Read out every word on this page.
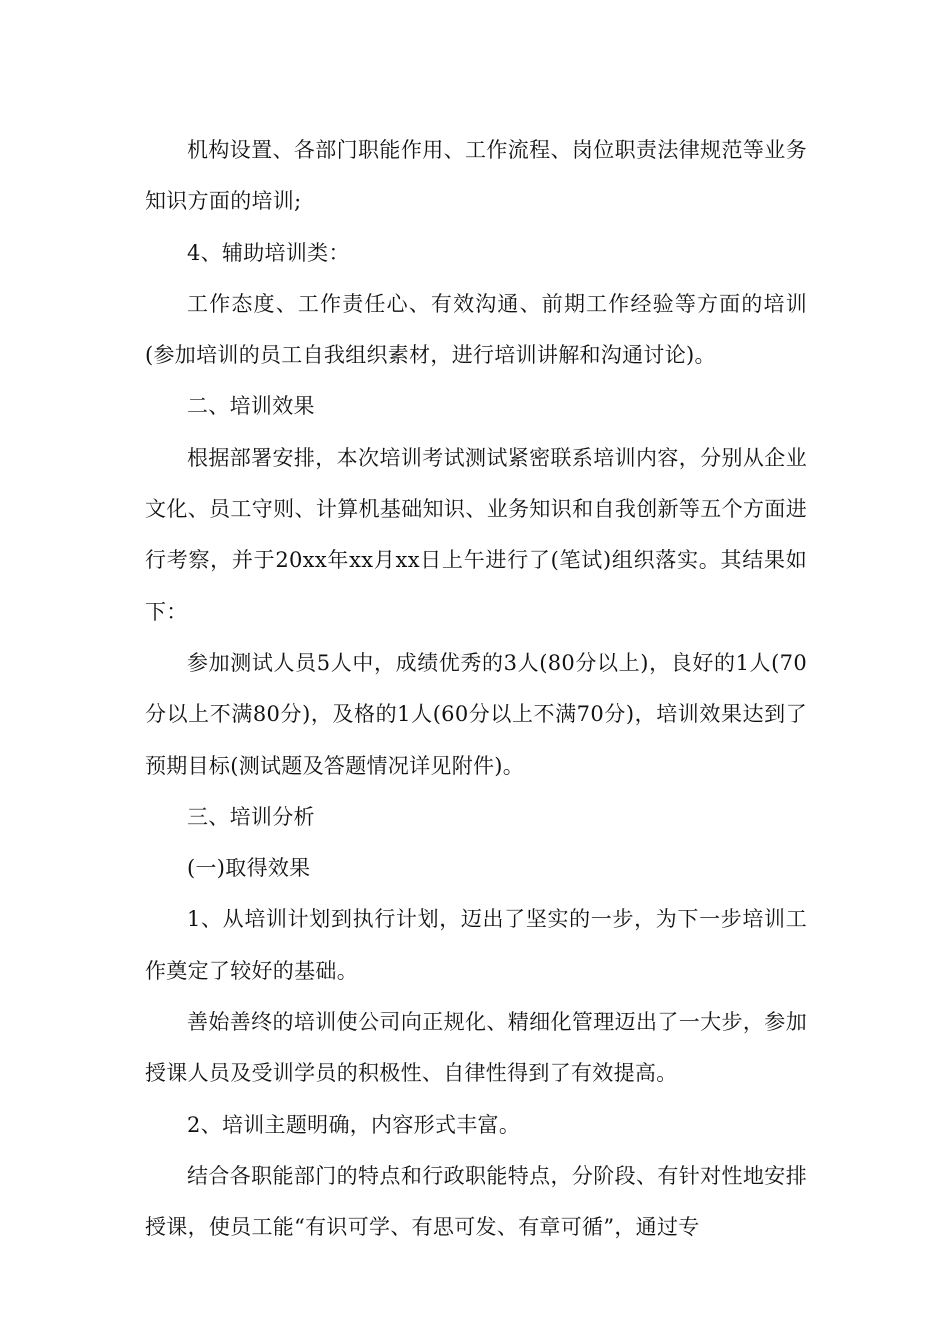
机构设置、各部门职能作用、工作流程、岗位职责法律规范等业务知识方面的培训;

4、辅助培训类：

工作态度、工作责任心、有效沟通、前期工作经验等方面的培训(参加培训的员工自我组织素材，进行培训讲解和沟通讨论)。

二、培训效果

根据部署安排，本次培训考试测试紧密联系培训内容，分别从企业文化、员工守则、计算机基础知识、业务知识和自我创新等五个方面进行考察，并于20xx年xx月xx日上午进行了(笔试)组织落实。其结果如下：

参加测试人员5人中，成绩优秀的3人(80分以上)，良好的1人(70分以上不满80分)，及格的1人(60分以上不满70分)，培训效果达到了预期目标(测试题及答题情况详见附件)。

三、培训分析

(一)取得效果

1、从培训计划到执行计划，迈出了坚实的一步，为下一步培训工作奠定了较好的基础。

善始善终的培训使公司向正规化、精细化管理迈出了一大步，参加授课人员及受训学员的积极性、自律性得到了有效提高。

2、培训主题明确，内容形式丰富。

结合各职能部门的特点和行政职能特点，分阶段、有针对性地安排授课，使员工能“有识可学、有思可发、有章可循”，通过专
